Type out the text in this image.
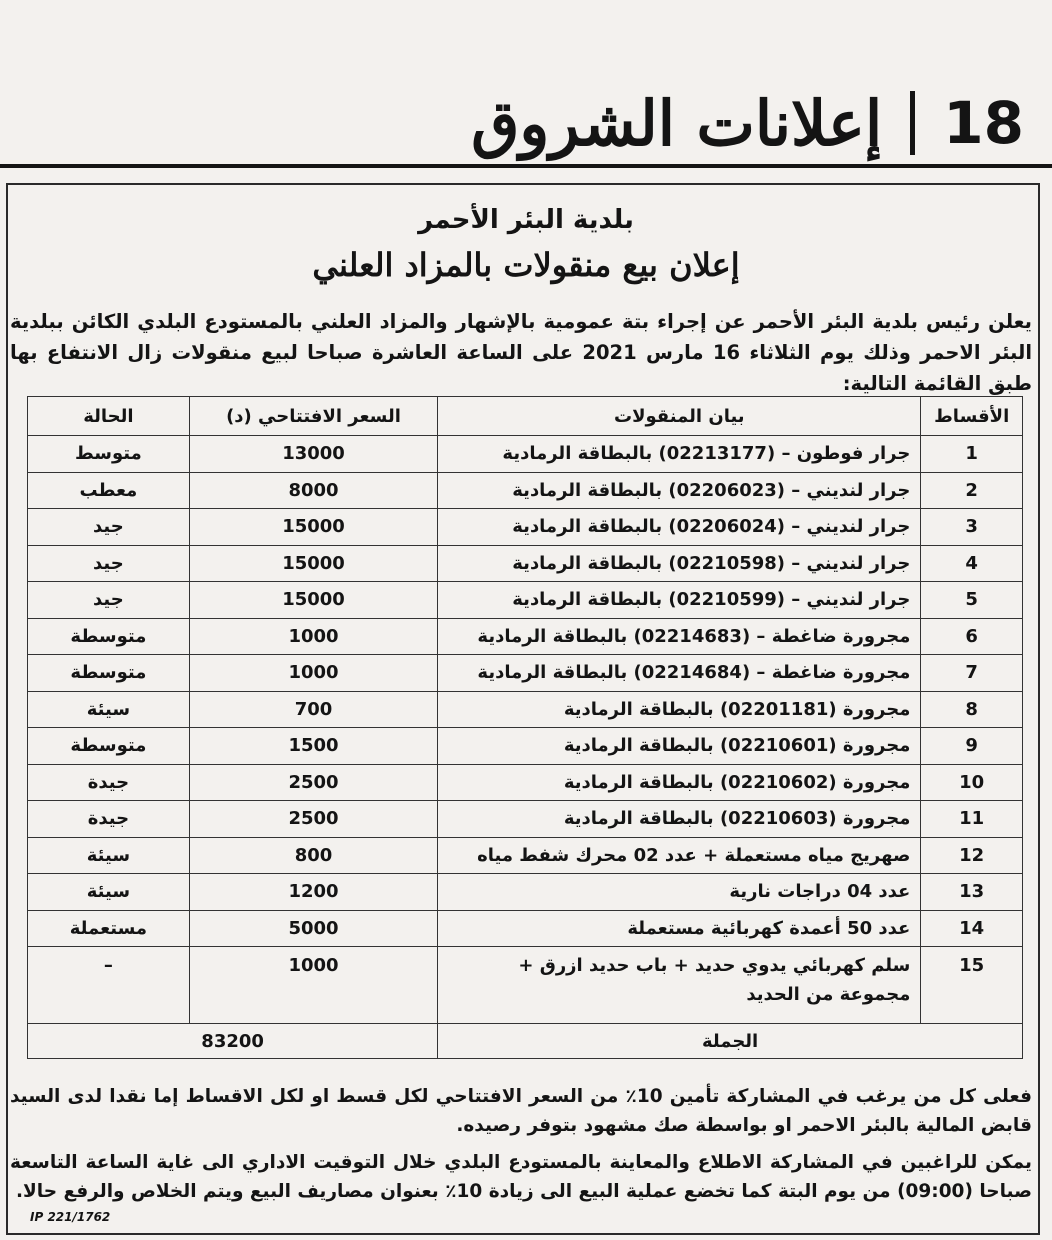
إعلانات الشروق 18
بلدية البئر الأحمر
إعلان بيع منقولات بالمزاد العلني
يعلن رئيس بلدية البئر الأحمر عن إجراء بتة عمومية بالإشهار والمزاد العلني بالمستودع البلدي الكائن ببلدية البئر الاحمر وذلك يوم الثلاثاء 16 مارس 2021 على الساعة العاشرة صباحا لبيع منقولات زال الانتفاع بها طبق القائمة التالية:
الأقساط	بيان المنقولات	السعر الافتتاحي (د)	الحالة
1	جرار فوطون – (02213177) بالبطاقة الرمادية	13000	متوسط
2	جرار لنديني – (02206023) بالبطاقة الرمادية	8000	معطب
3	جرار لنديني – (02206024) بالبطاقة الرمادية	15000	جيد
4	جرار لنديني – (02210598) بالبطاقة الرمادية	15000	جيد
5	جرار لنديني – (02210599) بالبطاقة الرمادية	15000	جيد
6	مجرورة ضاغطة – (02214683) بالبطاقة الرمادية	1000	متوسطة
7	مجرورة ضاغطة – (02214684) بالبطاقة الرمادية	1000	متوسطة
8	مجرورة (02201181) بالبطاقة الرمادية	700	سيئة
9	مجرورة (02210601) بالبطاقة الرمادية	1500	متوسطة
10	مجرورة (02210602) بالبطاقة الرمادية	2500	جيدة
11	مجرورة (02210603) بالبطاقة الرمادية	2500	جيدة
12	صهريج مياه مستعملة + عدد 02 محرك شفط مياه	800	سيئة
13	عدد 04 دراجات نارية	1200	سيئة
14	عدد 50 أعمدة كهربائية مستعملة	5000	مستعملة
15	سلم كهربائي يدوي حديد + باب حديد ازرق + مجموعة من الحديد	1000	–
الجملة		83200	
فعلى كل من يرغب في المشاركة تأمين 10٪ من السعر الافتتاحي لكل قسط او لكل الاقساط إما نقدا لدى السيد قابض المالية بالبئر الاحمر او بواسطة صك مشهود بتوفر رصيده.
يمكن للراغبين في المشاركة الاطلاع والمعاينة بالمستودع البلدي خلال التوقيت الاداري الى غاية الساعة التاسعة صباحا (09:00) من يوم البتة كما تخضع عملية البيع الى زيادة 10٪ بعنوان مصاريف البيع ويتم الخلاص والرفع حالا.
IP 221/1762
